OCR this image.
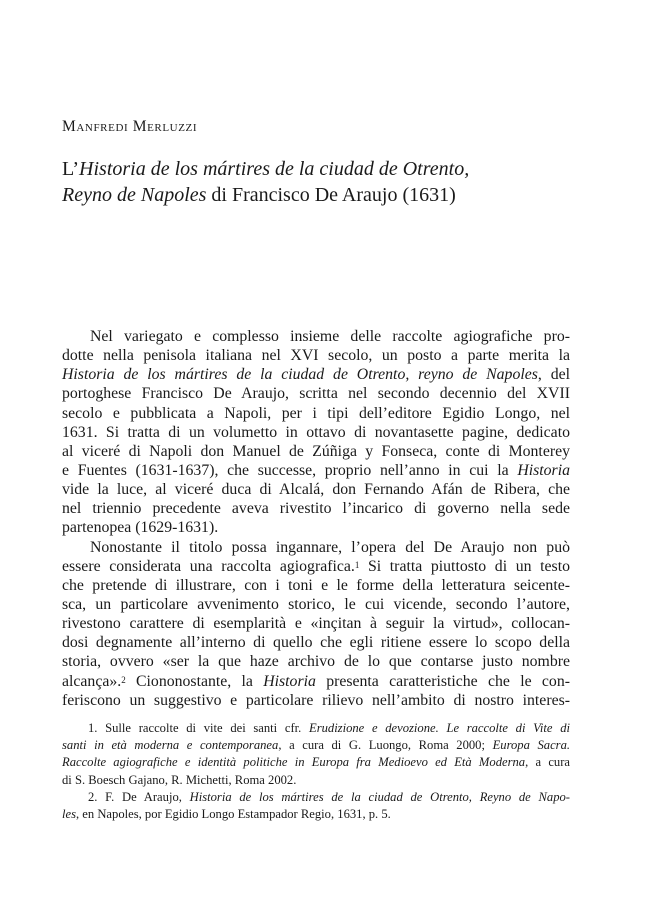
Manfredi Merluzzi
L’Historia de los mártires de la ciudad de Otrento,
Reyno de Napoles di Francisco De Araujo (1631)
Nel variegato e complesso insieme delle raccolte agiografiche pro-
dotte nella penisola italiana nel XVI secolo, un posto a parte merita la
Historia de los mártires de la ciudad de Otrento, reyno de Napoles, del
portoghese Francisco De Araujo, scritta nel secondo decennio del XVII
secolo e pubblicata a Napoli, per i tipi dell’editore Egidio Longo, nel
1631. Si tratta di un volumetto in ottavo di novantasette pagine, dedicato
al viceré di Napoli don Manuel de Zúñiga y Fonseca, conte di Monterey
e Fuentes (1631-1637), che successe, proprio nell’anno in cui la Historia
vide la luce, al viceré duca di Alcalá, don Fernando Afán de Ribera, che
nel triennio precedente aveva rivestito l’incarico di governo nella sede
partenopea (1629-1631).
Nonostante il titolo possa ingannare, l’opera del De Araujo non può
essere considerata una raccolta agiografica.$^1$ Si tratta piuttosto di un testo
che pretende di illustrare, con i toni e le forme della letteratura seicente-
sca, un particolare avvenimento storico, le cui vicende, secondo l’autore,
rivestono carattere di esemplarità e «inçitan à seguir la virtud», collocan-
dosi degnamente all’interno di quello che egli ritiene essere lo scopo della
storia, ovvero «ser la que haze archivo de lo que contarse justo nombre
alcança».$^2$ Ciononostante, la Historia presenta caratteristiche che le con-
feriscono un suggestivo e particolare rilievo nell’ambito di nostro interes-
1. Sulle raccolte di vite dei santi cfr. Erudizione e devozione. Le raccolte di Vite di
santi in età moderna e contemporanea, a cura di G. Luongo, Roma 2000; Europa Sacra.
Raccolte agiografiche e identità politiche in Europa fra Medioevo ed Età Moderna, a cura
di S. Boesch Gajano, R. Michetti, Roma 2002.
2. F. De Araujo, Historia de los mártires de la ciudad de Otrento, Reyno de Napo-
les, en Napoles, por Egidio Longo Estampador Regio, 1631, p. 5.
